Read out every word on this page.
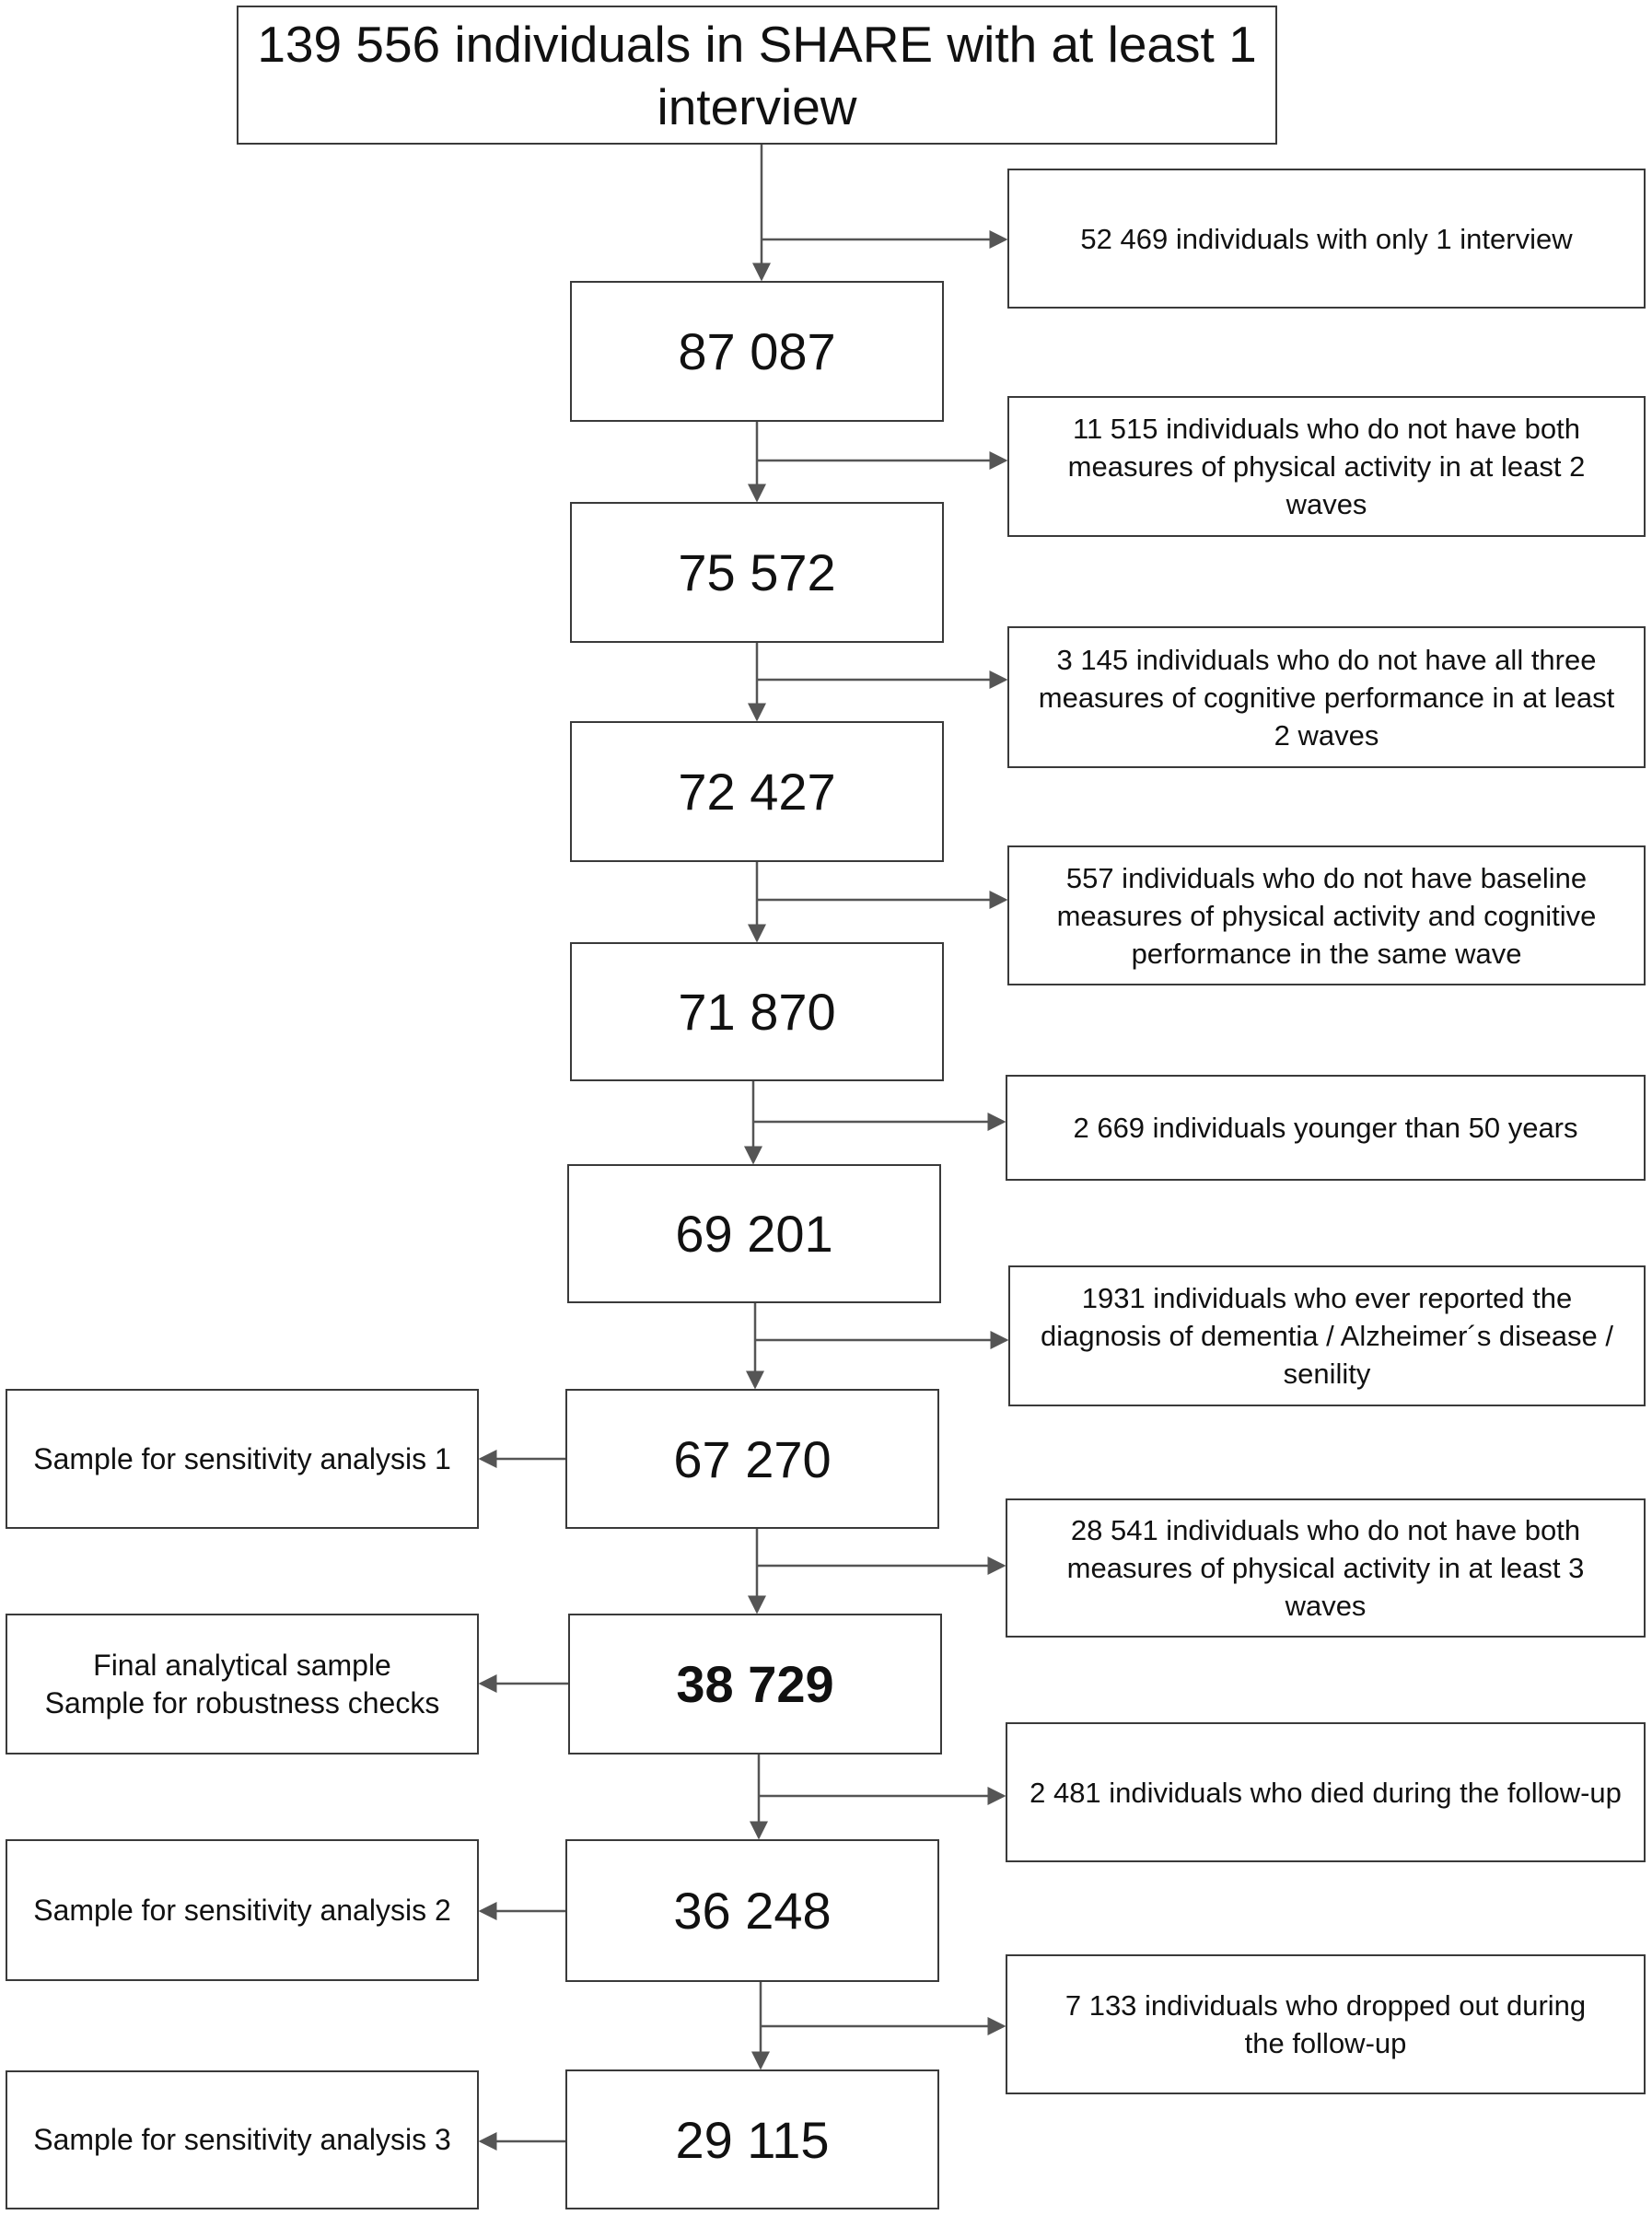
139 556 individuals in SHARE with at least 1 interview
87 087
75 572
72 427
71 870
69 201
67 270
38 729
36 248
29 115
52 469 individuals with only 1 interview
11 515 individuals who do not have both measures of physical activity in at least 2 waves
3 145 individuals who do not have all three measures of cognitive performance in at least 2 waves
557 individuals who do not have baseline measures of physical activity and cognitive performance in the same wave
2 669 individuals younger than 50 years
1931 individuals who ever reported the diagnosis of dementia / Alzheimer´s disease / senility
28 541 individuals who do not have both measures of physical activity in at least 3 waves
2 481 individuals who died during the follow-up
7 133 individuals who dropped out during the follow-up
Sample for sensitivity analysis 1
Final analytical sample
Sample for robustness checks
Sample for sensitivity analysis 2
Sample for sensitivity analysis 3
